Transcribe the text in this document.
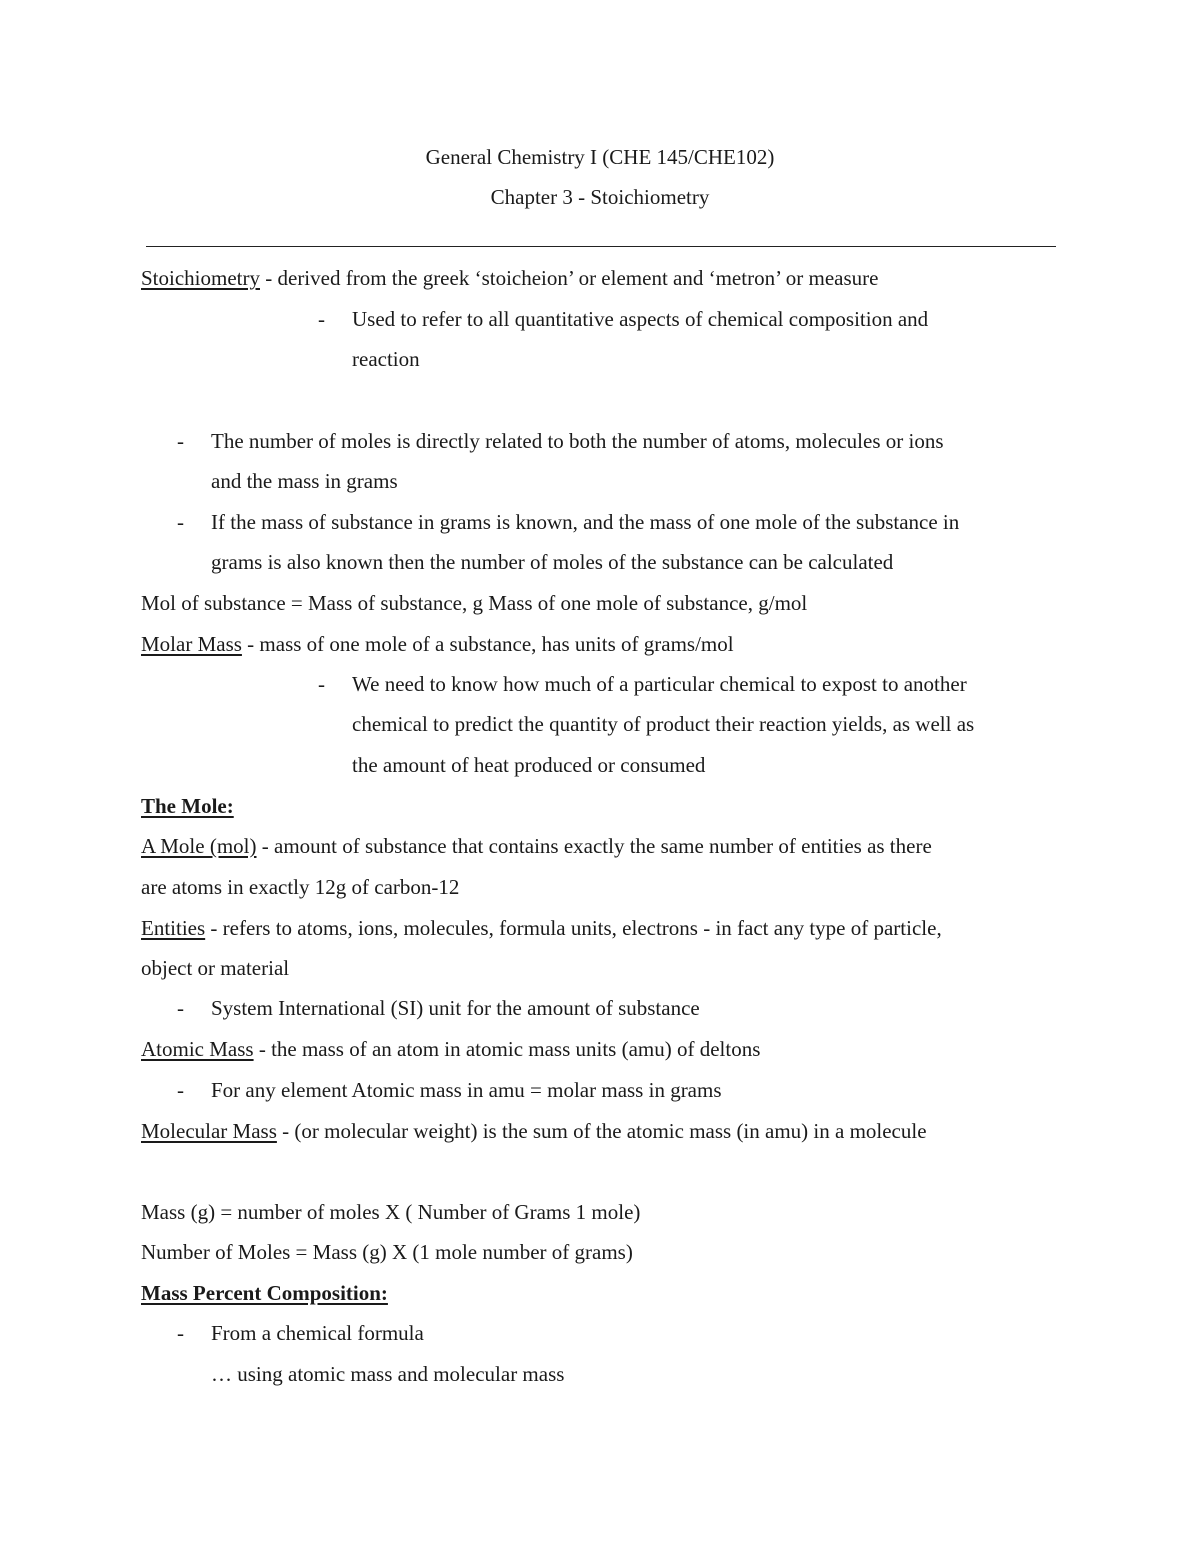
General Chemistry I (CHE 145/CHE102)
Chapter 3 - Stoichiometry
Stoichiometry - derived from the greek ‘stoicheion’ or element and ‘metron’ or measure
- Used to refer to all quantitative aspects of chemical composition and
reaction
- The number of moles is directly related to both the number of atoms, molecules or ions
and the mass in grams
- If the mass of substance in grams is known, and the mass of one mole of the substance in
grams is also known then the number of moles of the substance can be calculated
Mol of substance = Mass of substance, g Mass of one mole of substance, g/mol
Molar Mass - mass of one mole of a substance, has units of grams/mol
- We need to know how much of a particular chemical to expost to another
chemical to predict the quantity of product their reaction yields, as well as
the amount of heat produced or consumed
The Mole:
A Mole (mol) - amount of substance that contains exactly the same number of entities as there
are atoms in exactly 12g of carbon-12
Entities - refers to atoms, ions, molecules, formula units, electrons - in fact any type of particle,
object or material
- System International (SI) unit for the amount of substance
Atomic Mass - the mass of an atom in atomic mass units (amu) of deltons
- For any element Atomic mass in amu = molar mass in grams
Molecular Mass - (or molecular weight) is the sum of the atomic mass (in amu) in a molecule
Mass (g) = number of moles X ( Number of Grams 1 mole)
Number of Moles = Mass (g) X (1 mole number of grams)
Mass Percent Composition:
- From a chemical formula
… using atomic mass and molecular mass
